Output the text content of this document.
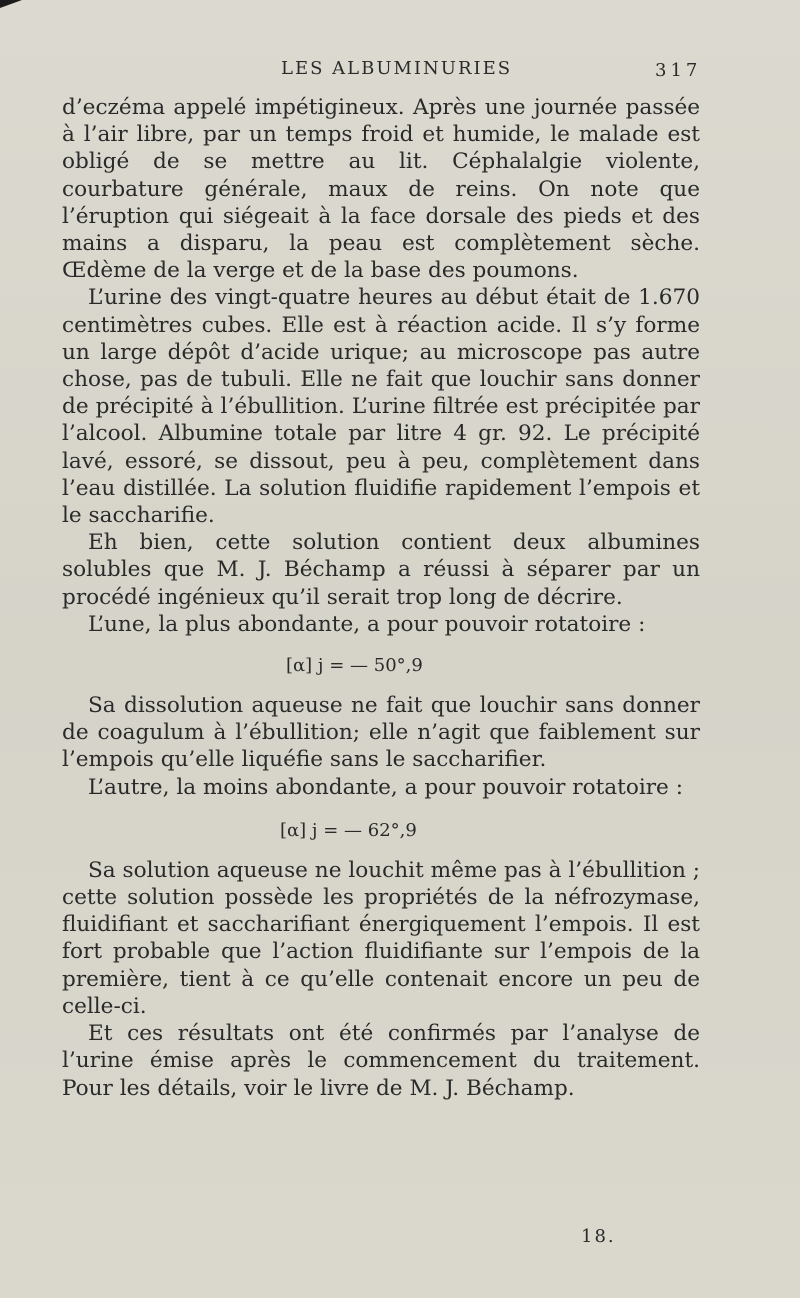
LES ALBUMINURIES	317

d’eczéma appelé impétigineux. Après une journée passée à l’air libre, par un temps froid et humide, le malade est obligé de se mettre au lit. Céphalalgie violente, courbature générale, maux de reins. On note que l’éruption qui siégeait à la face dorsale des pieds et des mains a disparu, la peau est complètement sèche. Œdème de la verge et de la base des poumons.

L’urine des vingt-quatre heures au début était de 1.670 centimètres cubes. Elle est à réaction acide. Il s’y forme un large dépôt d’acide urique; au microscope pas autre chose, pas de tubuli. Elle ne fait que louchir sans donner de précipité à l’ébullition. L’urine filtrée est précipitée par l’alcool. Albumine totale par litre 4 gr. 92. Le précipité lavé, essoré, se dissout, peu à peu, complètement dans l’eau distillée. La solution fluidifie rapidement l’empois et le saccharifie.

Eh bien, cette solution contient deux albumines solubles que M. J. Béchamp a réussi à séparer par un procédé ingénieux qu’il serait trop long de décrire.

L’une, la plus abondante, a pour pouvoir rotatoire :

[α] j = — 50°,9

Sa dissolution aqueuse ne fait que louchir sans donner de coagulum à l’ébullition; elle n’agit que faiblement sur l’empois qu’elle liquéfie sans le saccharifier.

L’autre, la moins abondante, a pour pouvoir rotatoire :

[α] j = — 62°,9

Sa solution aqueuse ne louchit même pas à l’ébullition ; cette solution possède les propriétés de la néfrozymase, fluidifiant et saccharifiant énergiquement l’empois. Il est fort probable que l’action fluidifiante sur l’empois de la première, tient à ce qu’elle contenait encore un peu de celle-ci.

Et ces résultats ont été confirmés par l’analyse de l’urine émise après le commencement du traitement. Pour les détails, voir le livre de M. J. Béchamp.

18.
